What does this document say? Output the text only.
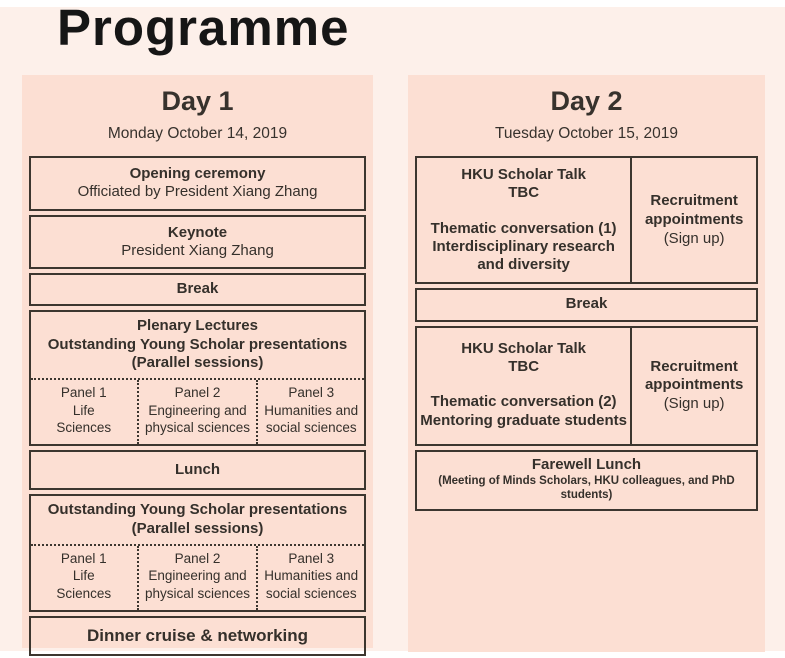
Programme
Day 1
Monday October 14, 2019
Opening ceremony
Officiated by President Xiang Zhang
Keynote
President Xiang Zhang
Break
Plenary Lectures
Outstanding Young Scholar presentations
(Parallel sessions)
Panel 1
Life
Sciences
Panel 2
Engineering and
physical sciences
Panel 3
Humanities and
social sciences
Lunch
Outstanding Young Scholar presentations
(Parallel sessions)
Panel 1
Life
Sciences
Panel 2
Engineering and
physical sciences
Panel 3
Humanities and
social sciences
Dinner cruise & networking
Day 2
Tuesday October 15, 2019
HKU Scholar Talk
TBC
Thematic conversation (1)
Interdisciplinary research
and diversity
Recruitment
appointments
(Sign up)
Break
HKU Scholar Talk
TBC
Thematic conversation (2)
Mentoring graduate students
Recruitment
appointments
(Sign up)
Farewell Lunch
(Meeting of Minds Scholars, HKU colleagues, and PhD students)
